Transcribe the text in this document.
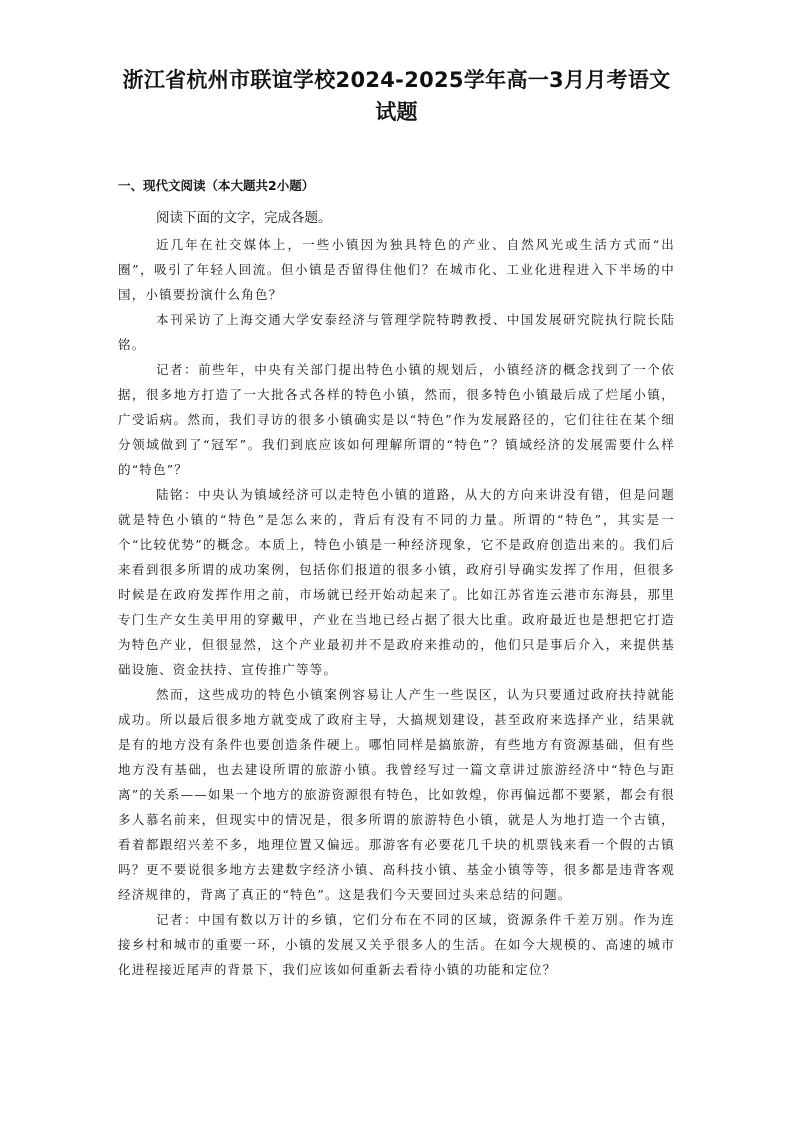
浙江省杭州市联谊学校2024-2025学年高一3月月考语文
试题
一、现代文阅读（本大题共2小题）
阅读下面的文字，完成各题。

近几年在社交媒体上，一些小镇因为独具特色的产业、自然风光或生活方式而“出圈”，吸引了年轻人回流。但小镇是否留得住他们？在城市化、工业化进程进入下半场的中国，小镇要扮演什么角色？

本刊采访了上海交通大学安泰经济与管理学院特聘教授、中国发展研究院执行院长陆铭。

记者：前些年，中央有关部门提出特色小镇的规划后，小镇经济的概念找到了一个依据，很多地方打造了一大批各式各样的特色小镇，然而，很多特色小镇最后成了烂尾小镇，广受诟病。然而，我们寻访的很多小镇确实是以“特色”作为发展路径的，它们往往在某个细分领域做到了“冠军”。我们到底应该如何理解所谓的“特色”？镇域经济的发展需要什么样的“特色”？

陆铭：中央认为镇域经济可以走特色小镇的道路，从大的方向来讲没有错，但是问题就是特色小镇的“特色”是怎么来的，背后有没有不同的力量。所谓的“特色”，其实是一个“比较优势”的概念。本质上，特色小镇是一种经济现象，它不是政府创造出来的。我们后来看到很多所谓的成功案例，包括你们报道的很多小镇，政府引导确实发挥了作用，但很多时候是在政府发挥作用之前，市场就已经开始动起来了。比如江苏省连云港市东海县，那里专门生产女生美甲用的穿戴甲，产业在当地已经占据了很大比重。政府最近也是想把它打造为特色产业，但很显然，这个产业最初并不是政府来推动的，他们只是事后介入，来提供基础设施、资金扶持、宣传推广等等。

然而，这些成功的特色小镇案例容易让人产生一些误区，认为只要通过政府扶持就能成功。所以最后很多地方就变成了政府主导，大搞规划建设，甚至政府来选择产业，结果就是有的地方没有条件也要创造条件硬上。哪怕同样是搞旅游，有些地方有资源基础，但有些地方没有基础，也去建设所谓的旅游小镇。我曾经写过一篇文章讲过旅游经济中“特色与距离”的关系——如果一个地方的旅游资源很有特色，比如敦煌，你再偏远都不要紧，都会有很多人慕名前来，但现实中的情况是，很多所谓的旅游特色小镇，就是人为地打造一个古镇，看着都跟绍兴差不多，地理位置又偏远。那游客有必要花几千块的机票钱来看一个假的古镇吗？更不要说很多地方去建数字经济小镇、高科技小镇、基金小镇等等，很多都是违背客观经济规律的，背离了真正的“特色”。这是我们今天要回过头来总结的问题。

记者：中国有数以万计的乡镇，它们分布在不同的区域，资源条件千差万别。作为连接乡村和城市的重要一环，小镇的发展又关乎很多人的生活。在如今大规模的、高速的城市化进程接近尾声的背景下，我们应该如何重新去看待小镇的功能和定位？
